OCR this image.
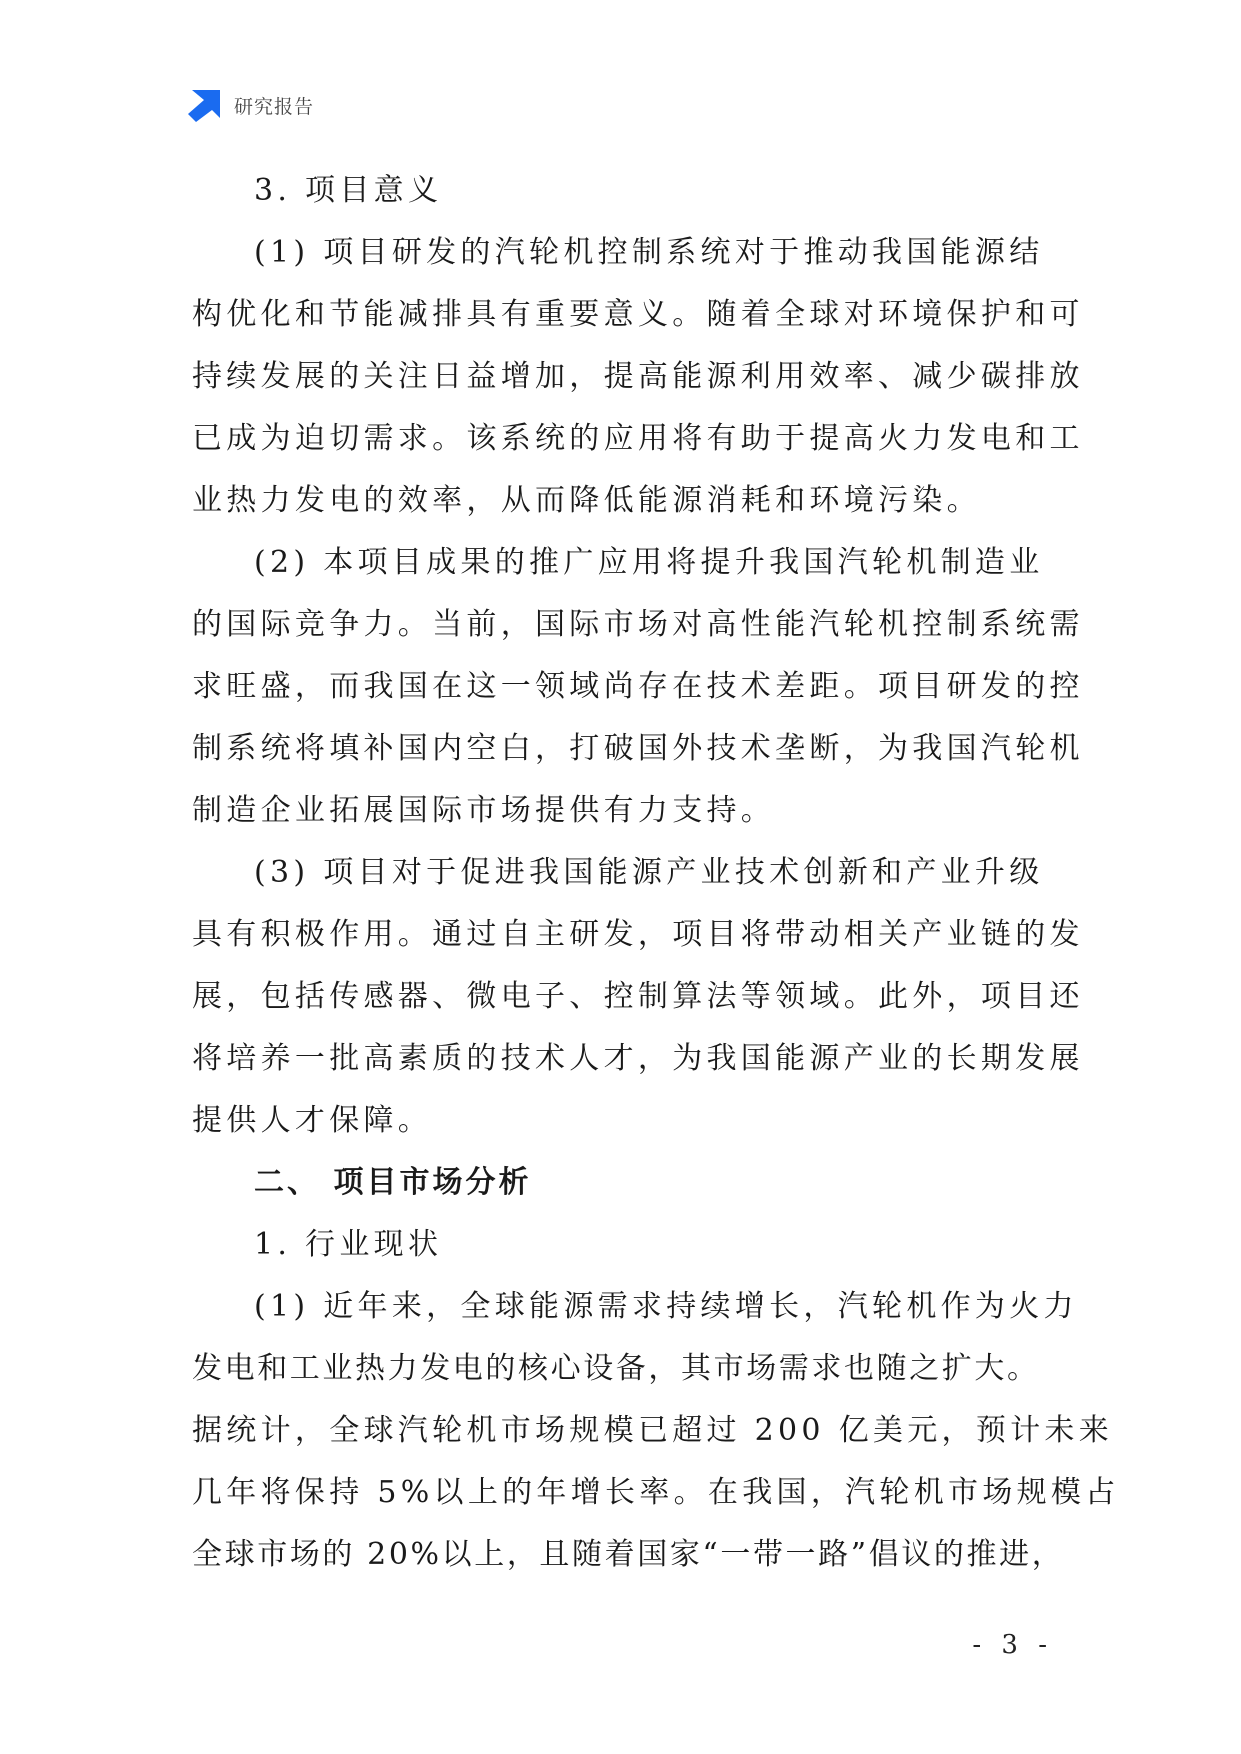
研究报告
3. 项目意义
(1) 项目研发的汽轮机控制系统对于推动我国能源结
构优化和节能减排具有重要意义。随着全球对环境保护和可
持续发展的关注日益增加，提高能源利用效率、减少碳排放
已成为迫切需求。该系统的应用将有助于提高火力发电和工
业热力发电的效率，从而降低能源消耗和环境污染。
(2) 本项目成果的推广应用将提升我国汽轮机制造业
的国际竞争力。当前，国际市场对高性能汽轮机控制系统需
求旺盛，而我国在这一领域尚存在技术差距。项目研发的控
制系统将填补国内空白，打破国外技术垄断，为我国汽轮机
制造企业拓展国际市场提供有力支持。
(3) 项目对于促进我国能源产业技术创新和产业升级
具有积极作用。通过自主研发，项目将带动相关产业链的发
展，包括传感器、微电子、控制算法等领域。此外，项目还
将培养一批高素质的技术人才，为我国能源产业的长期发展
提供人才保障。
二、 项目市场分析
1. 行业现状
(1) 近年来，全球能源需求持续增长，汽轮机作为火力
发电和工业热力发电的核心设备，其市场需求也随之扩大。
据统计，全球汽轮机市场规模已超过 200 亿美元，预计未来
几年将保持 5%以上的年增长率。在我国，汽轮机市场规模占
全球市场的 20%以上，且随着国家“一带一路”倡议的推进，
- 3 -
